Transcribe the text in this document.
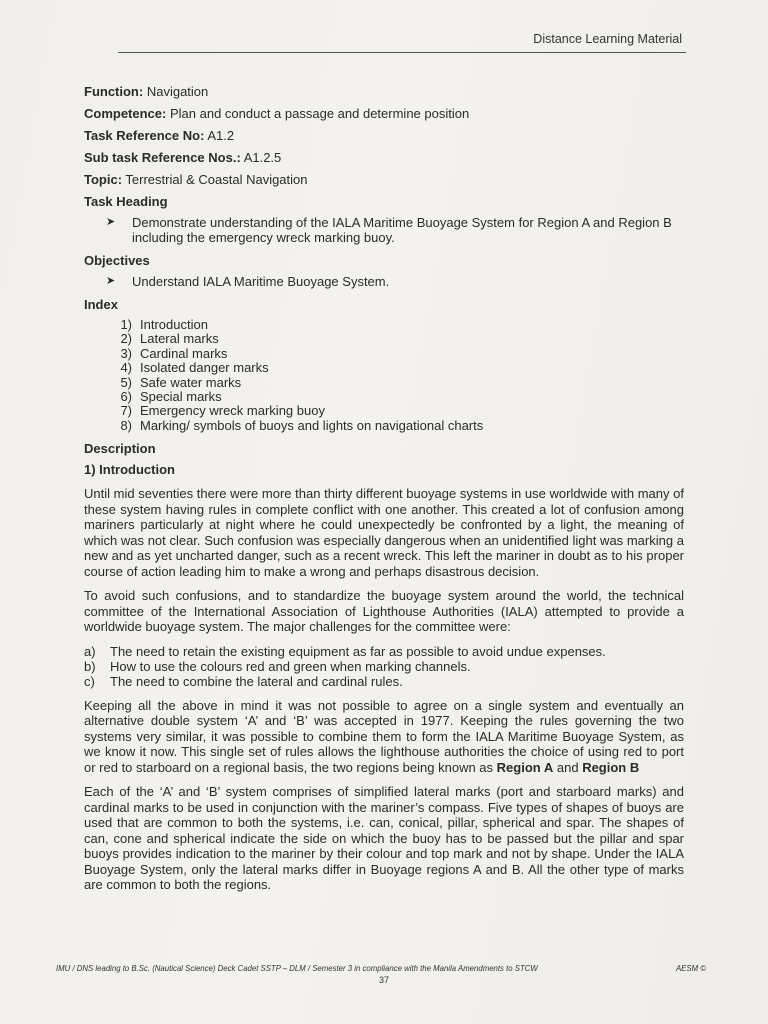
Distance Learning Material
Function: Navigation
Competence: Plan and conduct a passage and determine position
Task Reference No: A1.2
Sub task Reference Nos.: A1.2.5
Topic: Terrestrial & Coastal Navigation
Task Heading
➤	Demonstrate understanding of the IALA Maritime Buoyage System for Region A and Region B including the emergency wreck marking buoy.
Objectives
➤	Understand IALA Maritime Buoyage System.
Index
1) Introduction
2) Lateral marks
3) Cardinal marks
4) Isolated danger marks
5) Safe water marks
6) Special marks
7) Emergency wreck marking buoy
8) Marking/ symbols of buoys and lights on navigational charts
Description
1) Introduction

Until mid seventies there were more than thirty different buoyage systems in use worldwide with many of these system having rules in complete conflict with one another. This created a lot of confusion among mariners particularly at night where he could unexpectedly be confronted by a light, the meaning of which was not clear. Such confusion was especially dangerous when an unidentified light was marking a new and as yet uncharted danger, such as a recent wreck. This left the mariner in doubt as to his proper course of action leading him to make a wrong and perhaps disastrous decision.

To avoid such confusions, and to standardize the buoyage system around the world, the technical committee of the International Association of Lighthouse Authorities (IALA) attempted to provide a worldwide buoyage system. The major challenges for the committee were:

a)	The need to retain the existing equipment as far as possible to avoid undue expenses.
b)	How to use the colours red and green when marking channels.
c)	The need to combine the lateral and cardinal rules.

Keeping all the above in mind it was not possible to agree on a single system and eventually an alternative double system ‘A’ and ‘B’ was accepted in 1977. Keeping the rules governing the two systems very similar, it was possible to combine them to form the IALA Maritime Buoyage System, as we know it now. This single set of rules allows the lighthouse authorities the choice of using red to port or red to starboard on a regional basis, the two regions being known as Region A and Region B

Each of the ‘A’ and ‘B’ system comprises of simplified lateral marks (port and starboard marks) and cardinal marks to be used in conjunction with the mariner’s compass. Five types of shapes of buoys are used that are common to both the systems, i.e. can, conical, pillar, spherical and spar. The shapes of can, cone and spherical indicate the side on which the buoy has to be passed but the pillar and spar buoys provides indication to the mariner by their colour and top mark and not by shape. Under the IALA Buoyage System, only the lateral marks differ in Buoyage regions A and B. All the other type of marks are common to both the regions.

IMU / DNS leading to B.Sc. (Nautical Science) Deck Cadet SSTP – DLM / Semester 3 in compliance with the Manila Amendments to STCW	AESM ©
37
